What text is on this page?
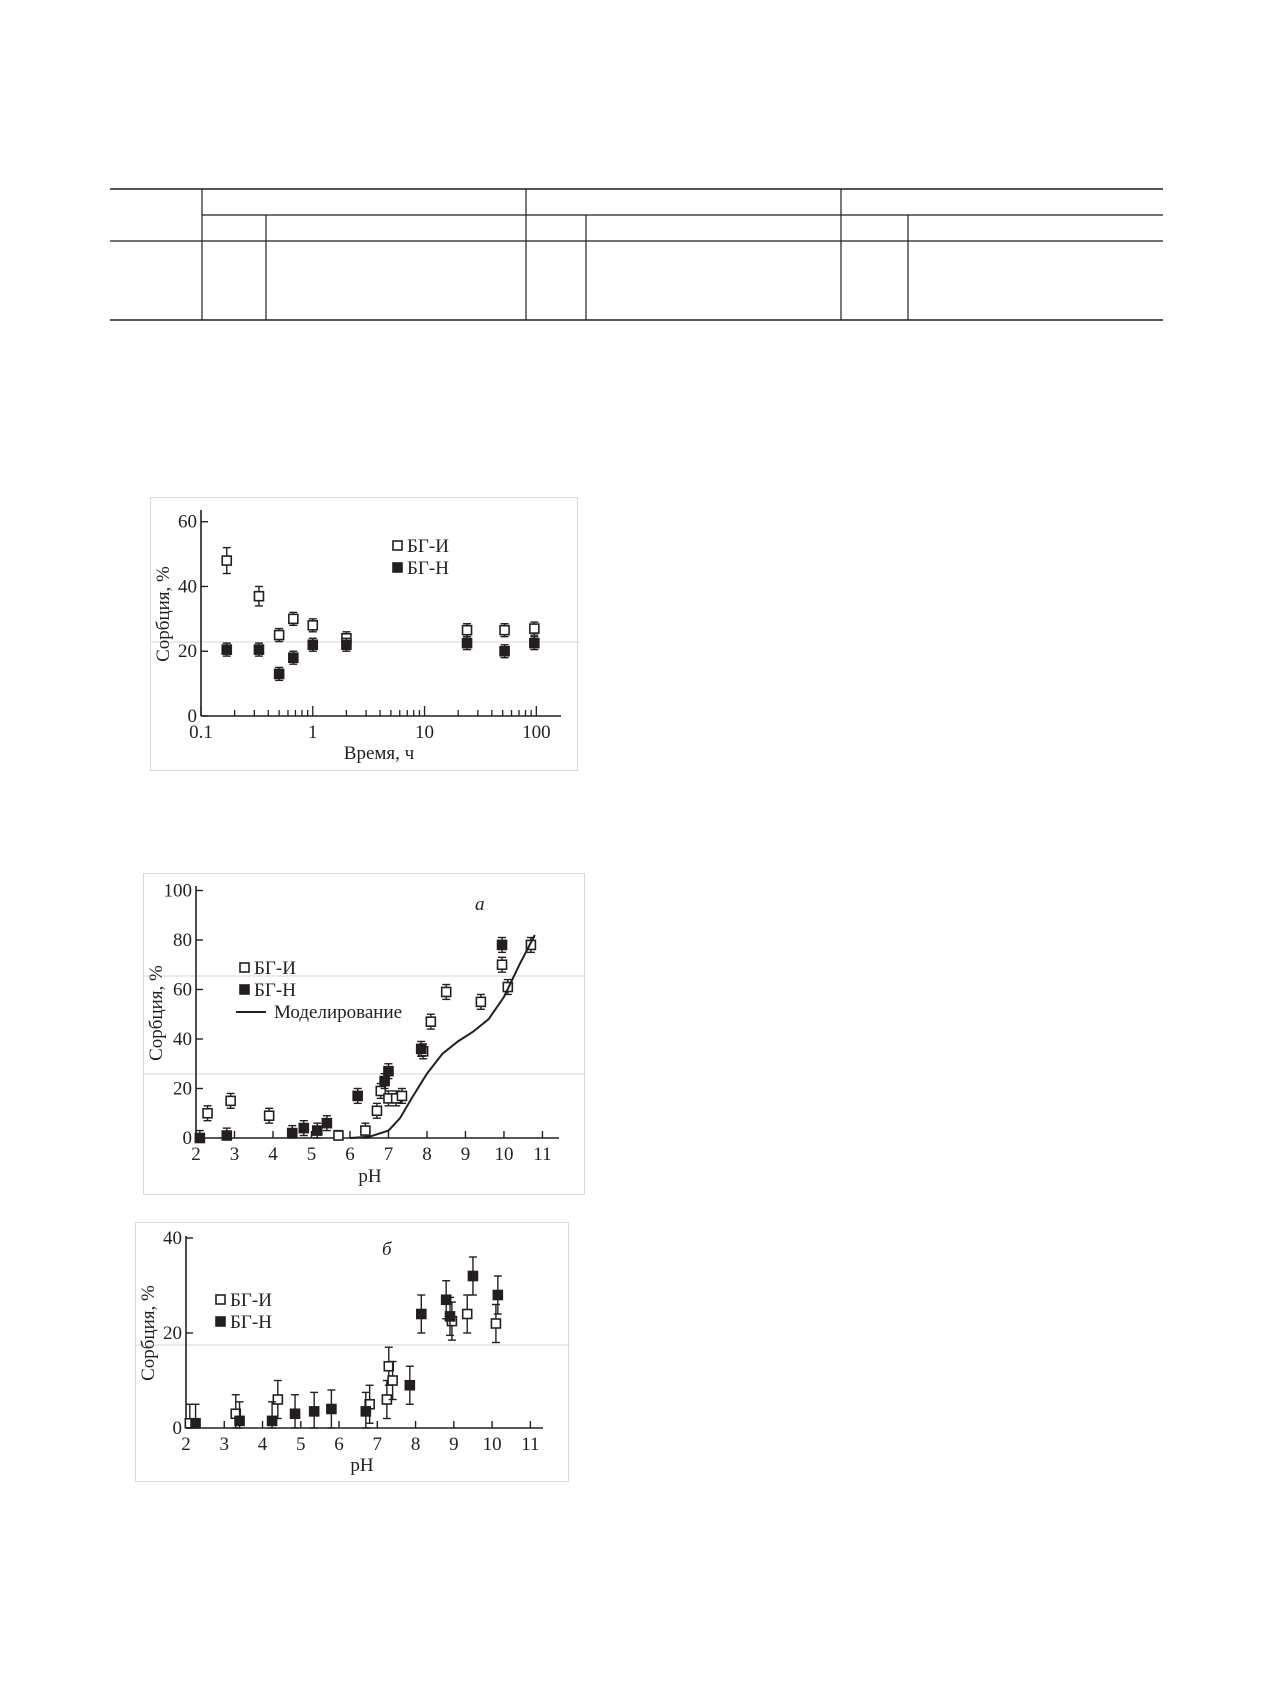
0
20
40
60
0.1	1	10	100
Время, ч
Сорбция, %
БГ-И
БГ-Н
0
20
40
60
80
100
2 3 4 5 6 7 8 9 10 11
pH
Сорбция, %
а
БГ-И
БГ-Н
Моделирование
0
20
40
2 3 4 5 6 7 8 9 10 11
pH
Сорбция, %
б
БГ-И
БГ-Н
